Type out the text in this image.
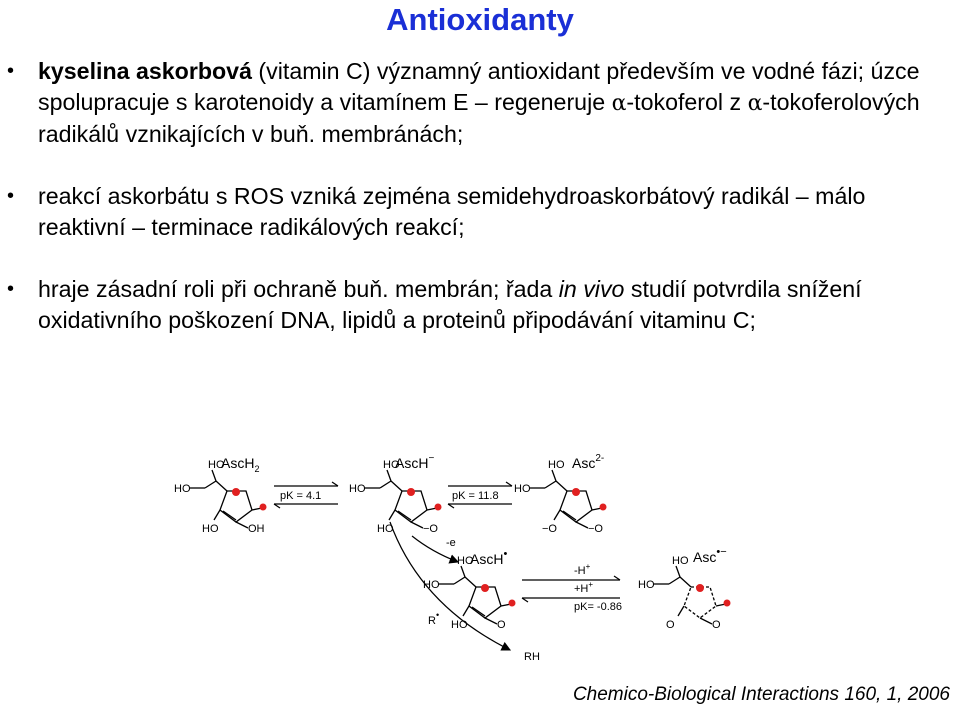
Antioxidanty
• kyselina askorbová (vitamin C) významný antioxidant především ve vodné fázi; úzce spolupracuje s karotenoidy a vitamínem E – regeneruje α-tokoferol z α-tokoferolových radikálů vznikajících v buň. membránách;
• reakcí askorbátu s ROS vzniká zejména semidehydroaskorbátový radikál – málo reaktivní – terminace radikálových reakcí;
• hraje zásadní roli při ochraně buň. membrán; řada in vivo studií potvrdila snížení oxidativního poškození DNA, lipidů a proteinů připodávání vitaminu C;
HO
HO
HO	OH
AscH$_2$
pK = 4.1
HO
HO
HO	−O
AscH−
pK = 11.8
HO
HO
−O	−O
Asc$^{2-}$
-e
HO
HO
HO	O
AscH•
-H+
+H+
pK= -0.86
HO
HO
O	O
Asc•−
R•
RH
Chemico-Biological Interactions 160, 1, 2006
